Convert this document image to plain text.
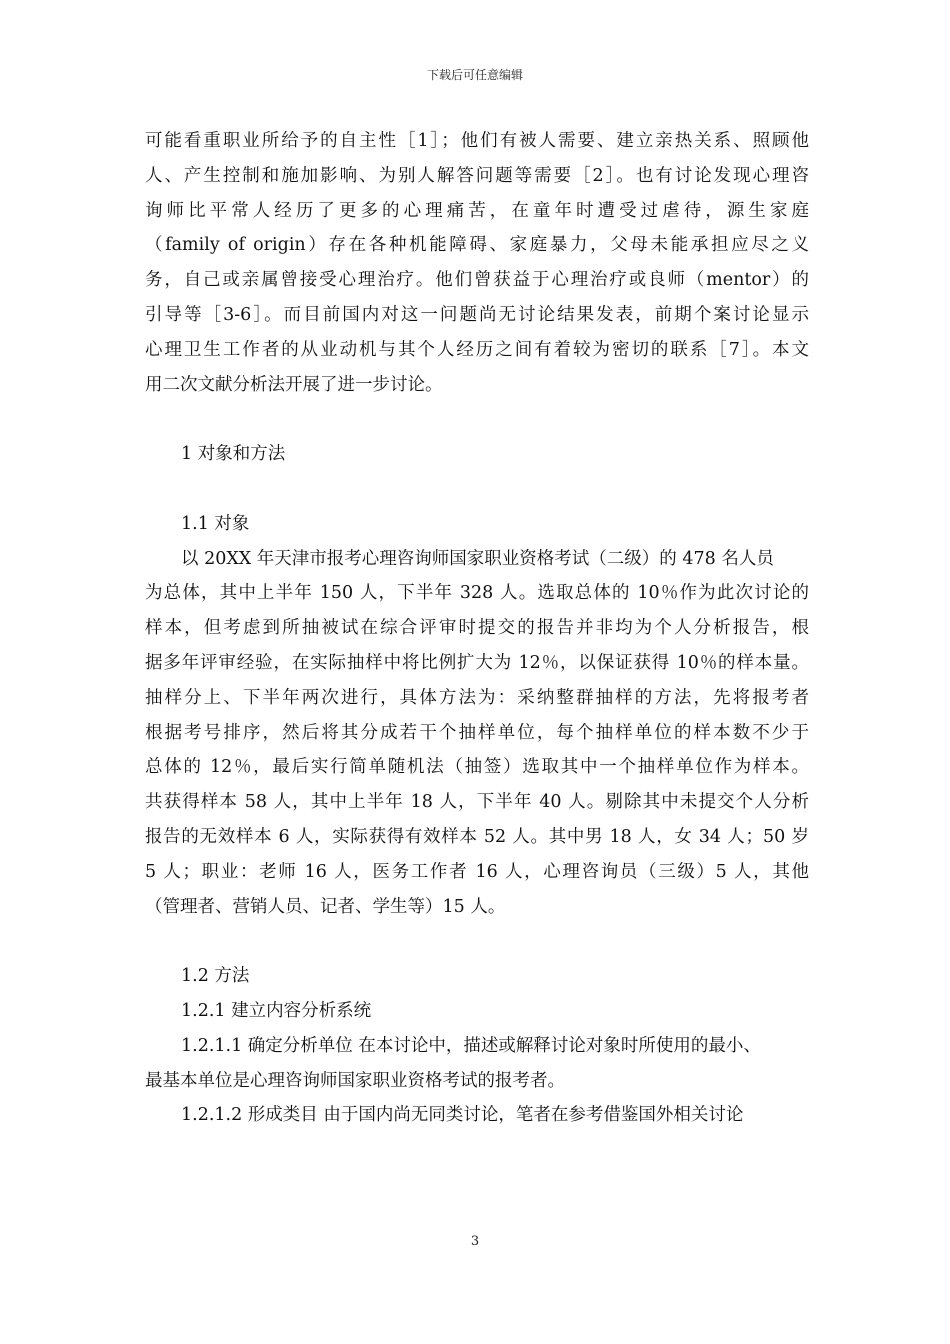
下载后可任意编辑
可能看重职业所给予的自主性［1］；他们有被人需要、建立亲热关系、照顾他
人、产生控制和施加影响、为别人解答问题等需要［2］。也有讨论发现心理咨
询师比平常人经历了更多的心理痛苦，在童年时遭受过虐待，源生家庭
（family of origin）存在各种机能障碍、家庭暴力，父母未能承担应尽之义
务，自己或亲属曾接受心理治疗。他们曾获益于心理治疗或良师（mentor）的
引导等［3-6］。而目前国内对这一问题尚无讨论结果发表，前期个案讨论显示
心理卫生工作者的从业动机与其个人经历之间有着较为密切的联系［7］。本文
用二次文献分析法开展了进一步讨论。
1 对象和方法
1.1 对象
以 20XX 年天津市报考心理咨询师国家职业资格考试（二级）的 478 名人员
为总体，其中上半年 150 人，下半年 328 人。选取总体的 10％作为此次讨论的
样本，但考虑到所抽被试在综合评审时提交的报告并非均为个人分析报告，根
据多年评审经验，在实际抽样中将比例扩大为 12％，以保证获得 10％的样本量。
抽样分上、下半年两次进行，具体方法为：采纳整群抽样的方法，先将报考者
根据考号排序，然后将其分成若干个抽样单位，每个抽样单位的样本数不少于
总体的 12％，最后实行简单随机法（抽签）选取其中一个抽样单位作为样本。
共获得样本 58 人，其中上半年 18 人，下半年 40 人。剔除其中未提交个人分析
报告的无效样本 6 人，实际获得有效样本 52 人。其中男 18 人，女 34 人；50 岁
5 人；职业：老师 16 人，医务工作者 16 人，心理咨询员（三级）5 人，其他
（管理者、营销人员、记者、学生等）15 人。
1.2 方法
1.2.1 建立内容分析系统
1.2.1.1 确定分析单位 在本讨论中，描述或解释讨论对象时所使用的最小、
最基本单位是心理咨询师国家职业资格考试的报考者。
1.2.1.2 形成类目 由于国内尚无同类讨论，笔者在参考借鉴国外相关讨论
3
